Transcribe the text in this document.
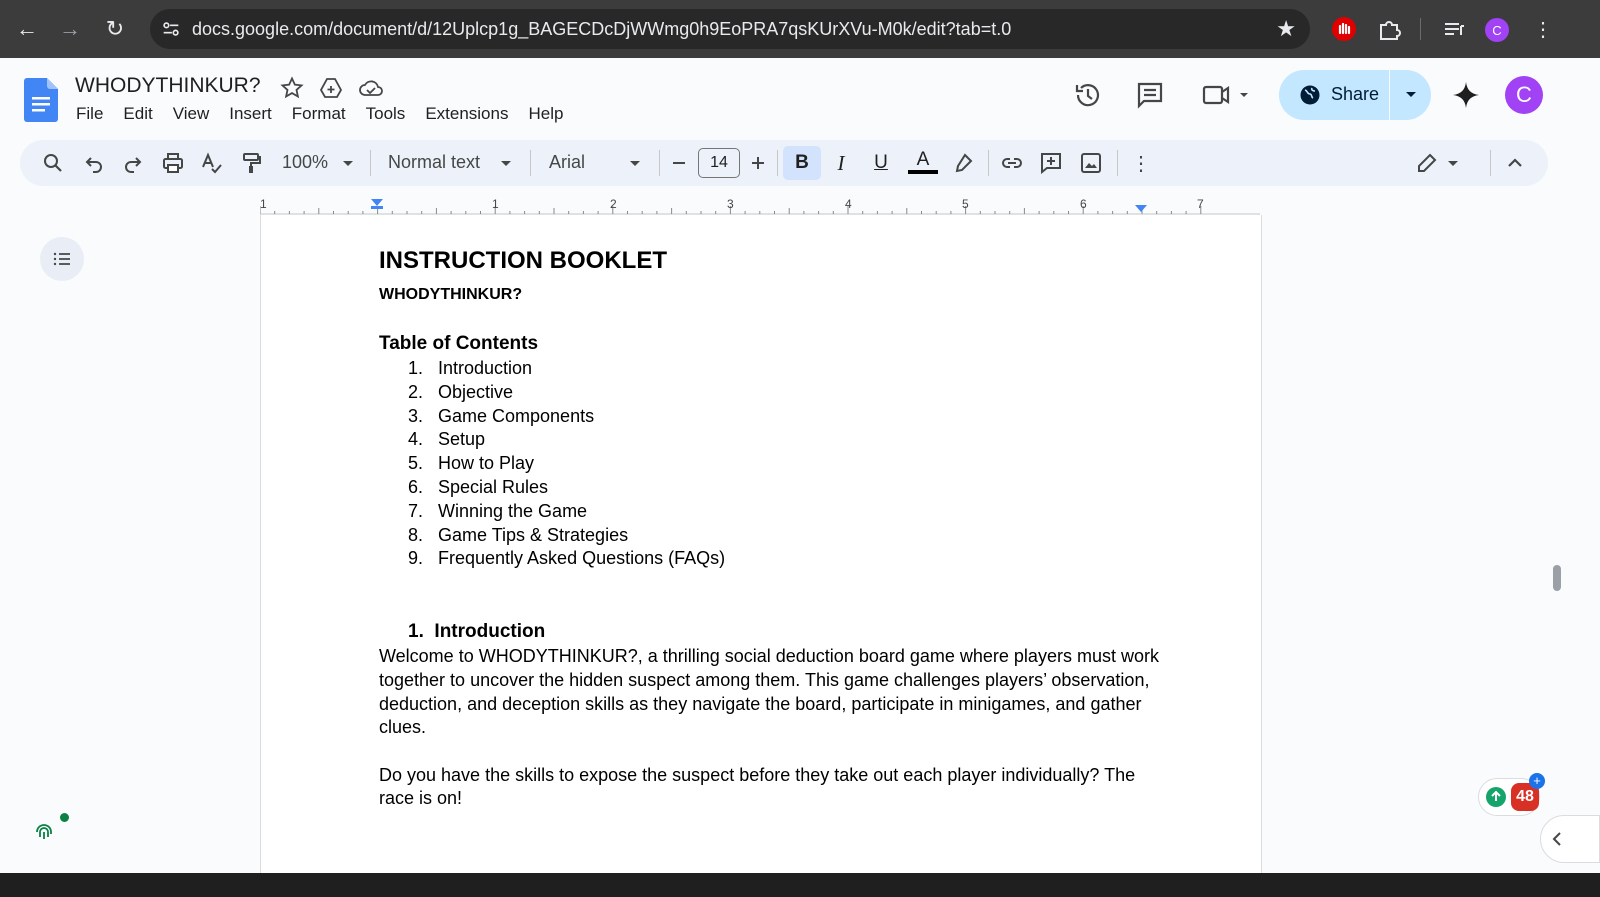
← → ↻	docs.google.com/document/d/12Uplcp1g_BAGECDcDjWWmg0h9EoPRA7qsKUrXVu-M0k/edit?tab=t.0	★	C	⋮
WHODYTHINKUR?
File	Edit	View	Insert	Format	Tools	Extensions	Help
Share	C
100%	Normal text	Arial	14	B	I	U	A	⋮
1	1	2	3	4	5	6	7
INSTRUCTION BOOKLET
WHODYTHINKUR?
Table of Contents
1. Introduction
2. Objective
3. Game Components
4. Setup
5. How to Play
6. Special Rules
7. Winning the Game
8. Game Tips & Strategies
9. Frequently Asked Questions (FAQs)
1. Introduction

Welcome to WHODYTHINKUR?, a thrilling social deduction board game where players must work together to uncover the hidden suspect among them. This game challenges players’ observation, deduction, and deception skills as they navigate the board, participate in minigames, and gather clues.

Do you have the skills to expose the suspect before they take out each player individually? The race is on!	48
+
